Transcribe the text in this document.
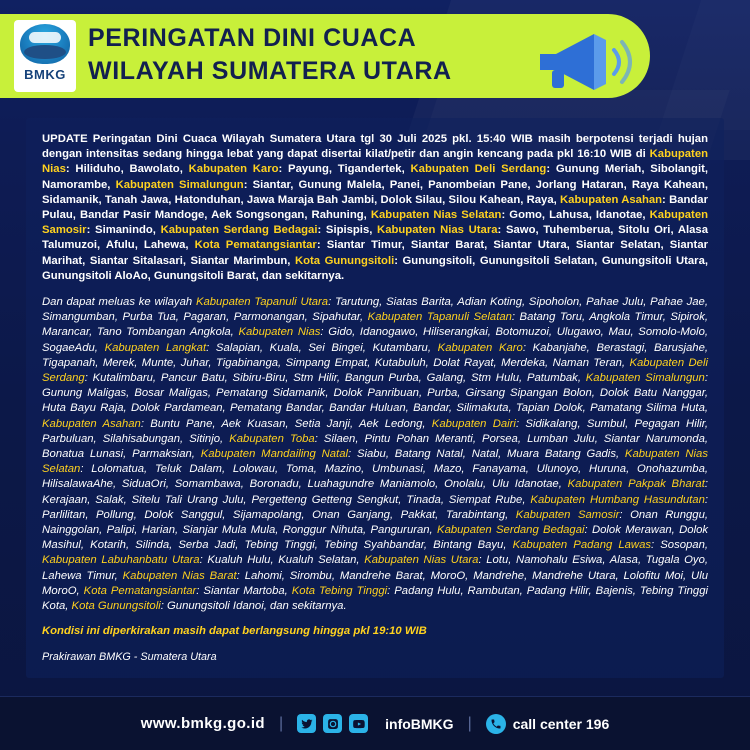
BMKG
PERINGATAN DINI CUACA
WILAYAH SUMATERA UTARA
UPDATE Peringatan Dini Cuaca Wilayah Sumatera Utara tgl 30 Juli 2025 pkl. 15:40 WIB masih berpotensi terjadi hujan dengan intensitas sedang hingga lebat yang dapat disertai kilat/petir dan angin kencang pada pkl 16:10 WIB di Kabupaten Nias: Hiliduho, Bawolato, Kabupaten Karo: Payung, Tigandertek, Kabupaten Deli Serdang: Gunung Meriah, Sibolangit, Namorambe, Kabupaten Simalungun: Siantar, Gunung Malela, Panei, Panombeian Pane, Jorlang Hataran, Raya Kahean, Sidamanik, Tanah Jawa, Hatonduhan, Jawa Maraja Bah Jambi, Dolok Silau, Silou Kahean, Raya, Kabupaten Asahan: Bandar Pulau, Bandar Pasir Mandoge, Aek Songsongan, Rahuning, Kabupaten Nias Selatan: Gomo, Lahusa, Idanotae, Kabupaten Samosir: Simanindo, Kabupaten Serdang Bedagai: Sipispis, Kabupaten Nias Utara: Sawo, Tuhemberua, Sitolu Ori, Alasa Talumuzoi, Afulu, Lahewa, Kota Pematangsiantar: Siantar Timur, Siantar Barat, Siantar Utara, Siantar Selatan, Siantar Marihat, Siantar Sitalasari, Siantar Marimbun, Kota Gunungsitoli: Gunungsitoli, Gunungsitoli Selatan, Gunungsitoli Utara, Gunungsitoli AloAo, Gunungsitoli Barat, dan sekitarnya.
Dan dapat meluas ke wilayah Kabupaten Tapanuli Utara: Tarutung, Siatas Barita, Adian Koting, Sipoholon, Pahae Julu, Pahae Jae, Simangumban, Purba Tua, Pagaran, Parmonangan, Sipahutar, Kabupaten Tapanuli Selatan: Batang Toru, Angkola Timur, Sipirok, Marancar, Tano Tombangan Angkola, Kabupaten Nias: Gido, Idanogawo, Hiliserangkai, Botomuzoi, Ulugawo, Mau, Somolo-Molo, SogaeAdu, Kabupaten Langkat: Salapian, Kuala, Sei Bingei, Kutambaru, Kabupaten Karo: Kabanjahe, Berastagi, Barusjahe, Tigapanah, Merek, Munte, Juhar, Tigabinanga, Simpang Empat, Kutabuluh, Dolat Rayat, Merdeka, Naman Teran, Kabupaten Deli Serdang: Kutalimbaru, Pancur Batu, Sibiru-Biru, Stm Hilir, Bangun Purba, Galang, Stm Hulu, Patumbak, Kabupaten Simalungun: Gunung Maligas, Bosar Maligas, Pematang Sidamanik, Dolok Panribuan, Purba, Girsang Sipangan Bolon, Dolok Batu Nanggar, Huta Bayu Raja, Dolok Pardamean, Pematang Bandar, Bandar Huluan, Bandar, Silimakuta, Tapian Dolok, Pamatang Silima Huta, Kabupaten Asahan: Buntu Pane, Aek Kuasan, Setia Janji, Aek Ledong, Kabupaten Dairi: Sidikalang, Sumbul, Pegagan Hilir, Parbuluan, Silahisabungan, Sitinjo, Kabupaten Toba: Silaen, Pintu Pohan Meranti, Porsea, Lumban Julu, Siantar Narumonda, Bonatua Lunasi, Parmaksian, Kabupaten Mandailing Natal: Siabu, Batang Natal, Natal, Muara Batang Gadis, Kabupaten Nias Selatan: Lolomatua, Teluk Dalam, Lolowau, Toma, Mazino, Umbunasi, Mazo, Fanayama, Ulunoyo, Huruna, Onohazumba, HilisalawaAhe, SiduaOri, Somambawa, Boronadu, Luahagundre Maniamolo, Onolalu, Ulu Idanotae, Kabupaten Pakpak Bharat: Kerajaan, Salak, Sitelu Tali Urang Julu, Pergetteng Getteng Sengkut, Tinada, Siempat Rube, Kabupaten Humbang Hasundutan: Parlilitan, Pollung, Dolok Sanggul, Sijamapolang, Onan Ganjang, Pakkat, Tarabintang, Kabupaten Samosir: Onan Runggu, Nainggolan, Palipi, Harian, Sianjar Mula Mula, Ronggur Nihuta, Pangururan, Kabupaten Serdang Bedagai: Dolok Merawan, Dolok Masihul, Kotarih, Silinda, Serba Jadi, Tebing Tinggi, Tebing Syahbandar, Bintang Bayu, Kabupaten Padang Lawas: Sosopan, Kabupaten Labuhanbatu Utara: Kualuh Hulu, Kualuh Selatan, Kabupaten Nias Utara: Lotu, Namohalu Esiwa, Alasa, Tugala Oyo, Lahewa Timur, Kabupaten Nias Barat: Lahomi, Sirombu, Mandrehe Barat, MoroO, Mandrehe, Mandrehe Utara, Lolofitu Moi, Ulu MoroO, Kota Pematangsiantar: Siantar Martoba, Kota Tebing Tinggi: Padang Hulu, Rambutan, Padang Hilir, Bajenis, Tebing Tinggi Kota, Kota Gunungsitoli: Gunungsitoli Idanoi, dan sekitarnya.
Kondisi ini diperkirakan masih dapat berlangsung hingga pkl 19:10 WIB
Prakirawan BMKG - Sumatera Utara
www.bmkg.go.id |	infoBMKG |	call center 196
